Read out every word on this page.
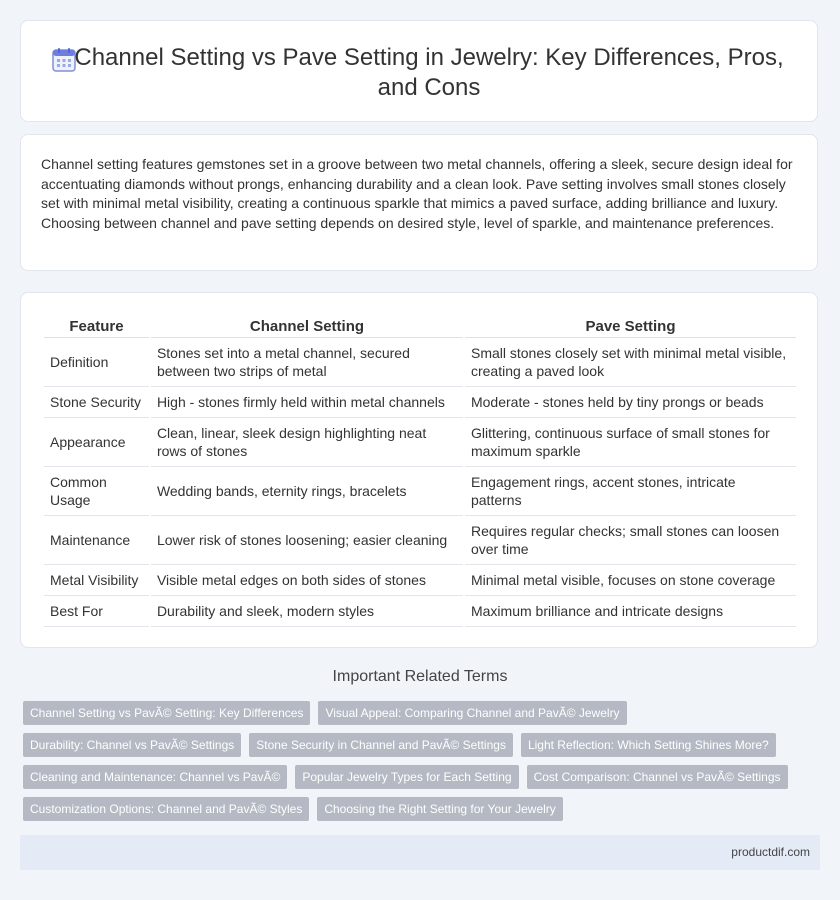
Channel Setting vs Pave Setting in Jewelry: Key Differences, Pros, and Cons

Channel setting features gemstones set in a groove between two metal channels, offering a sleek, secure design ideal for accentuating diamonds without prongs, enhancing durability and a clean look. Pave setting involves small stones closely set with minimal metal visibility, creating a continuous sparkle that mimics a paved surface, adding brilliance and luxury. Choosing between channel and pave setting depends on desired style, level of sparkle, and maintenance preferences.

Feature	Channel Setting	Pave Setting
Definition	Stones set into a metal channel, secured between two strips of metal	Small stones closely set with minimal metal visible, creating a paved look
Stone Security	High - stones firmly held within metal channels	Moderate - stones held by tiny prongs or beads
Appearance	Clean, linear, sleek design highlighting neat rows of stones	Glittering, continuous surface of small stones for maximum sparkle
Common Usage	Wedding bands, eternity rings, bracelets	Engagement rings, accent stones, intricate patterns
Maintenance	Lower risk of stones loosening; easier cleaning	Requires regular checks; small stones can loosen over time
Metal Visibility	Visible metal edges on both sides of stones	Minimal metal visible, focuses on stone coverage
Best For	Durability and sleek, modern styles	Maximum brilliance and intricate designs
Important Related Terms
Channel Setting vs PavÃ© Setting: Key Differences	Visual Appeal: Comparing Channel and PavÃ© Jewelry
Durability: Channel vs PavÃ© Settings	Stone Security in Channel and PavÃ© Settings	Light Reflection: Which Setting Shines More?
Cleaning and Maintenance: Channel vs PavÃ©	Popular Jewelry Types for Each Setting	Cost Comparison: Channel vs PavÃ© Settings
Customization Options: Channel and PavÃ© Styles	Choosing the Right Setting for Your Jewelry
productdif.com
